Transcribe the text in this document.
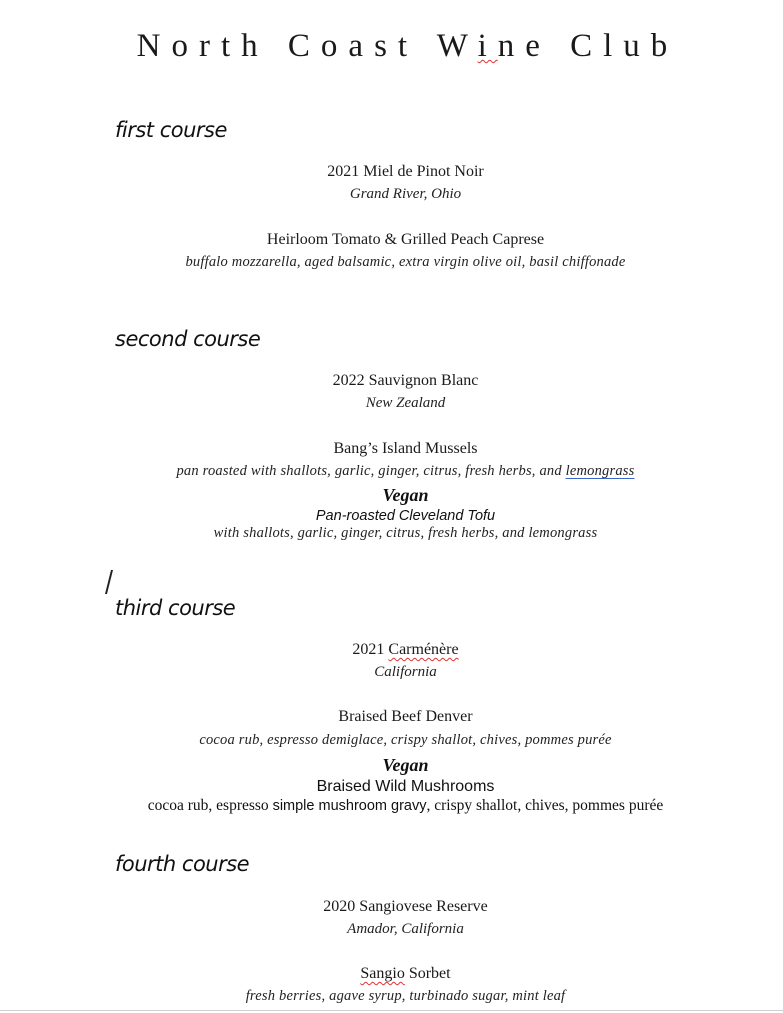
North Coast Wine Club
first course
2021 Miel de Pinot Noir
Grand River, Ohio
Heirloom Tomato & Grilled Peach Caprese
buffalo mozzarella, aged balsamic, extra virgin olive oil, basil chiffonade
second course
2022 Sauvignon Blanc
New Zealand
Bang’s Island Mussels
pan roasted with shallots, garlic, ginger, citrus, fresh herbs, and lemongrass
Vegan
Pan-roasted Cleveland Tofu
with shallots, garlic, ginger, citrus, fresh herbs, and lemongrass
third course
2021 Carménère
California
Braised Beef Denver
cocoa rub, espresso demiglace, crispy shallot, chives, pommes purée
Vegan
Braised Wild Mushrooms
cocoa rub, espresso simple mushroom gravy, crispy shallot, chives, pommes purée
fourth course
2020 Sangiovese Reserve
Amador, California
Sangio Sorbet
fresh berries, agave syrup, turbinado sugar, mint leaf
